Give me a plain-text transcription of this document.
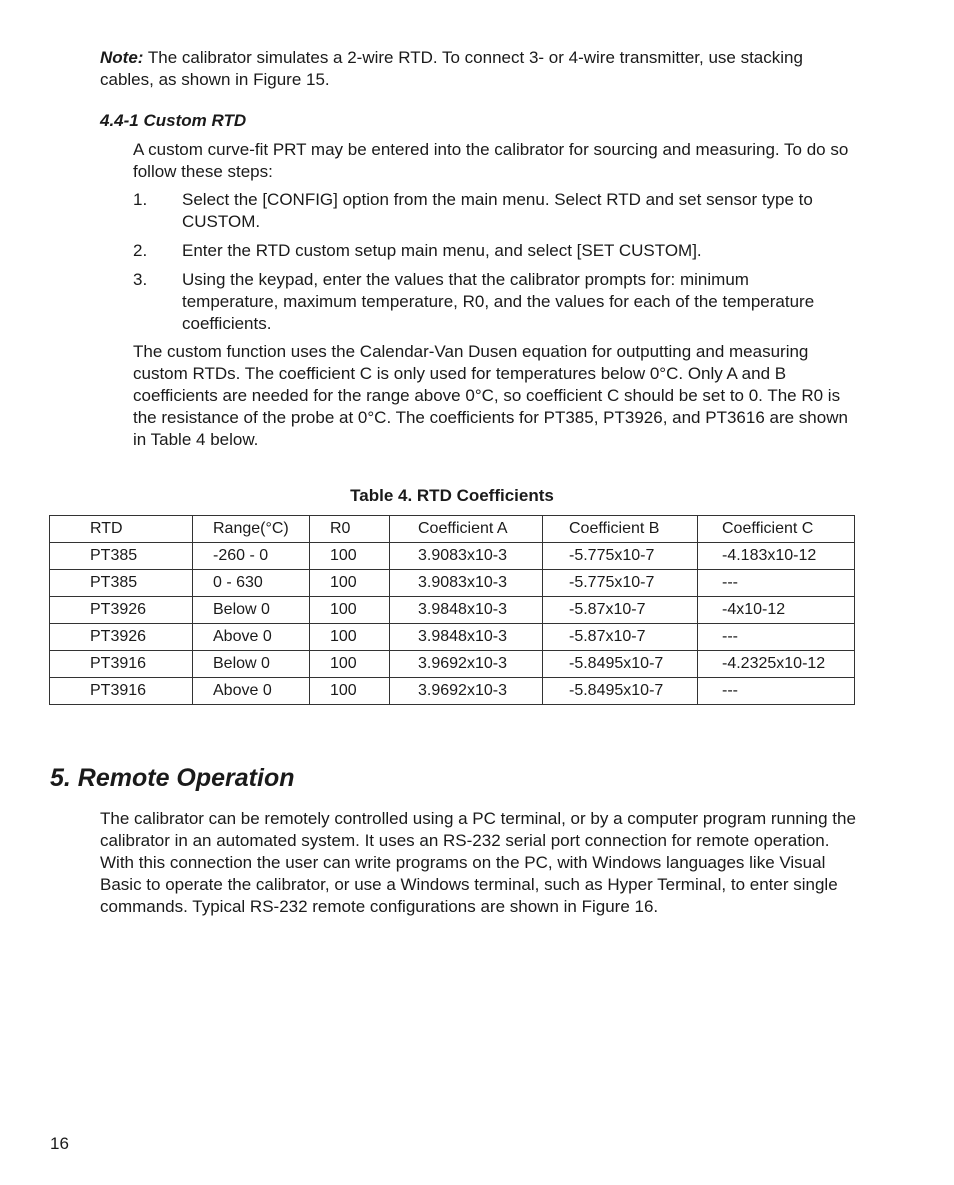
Note: The calibrator simulates a 2-wire RTD. To connect 3- or 4-wire transmitter, use stacking cables, as shown in Figure 15.

4.4-1 Custom RTD

A custom curve-fit PRT may be entered into the calibrator for sourcing and measuring. To do so follow these steps:

1. Select the [CONFIG] option from the main menu. Select RTD and set sensor type to CUSTOM.
2. Enter the RTD custom setup main menu, and select [SET CUSTOM].
3. Using the keypad, enter the values that the calibrator prompts for: minimum temperature, maximum temperature, R0, and the values for each of the temperature coefficients.

The custom function uses the Calendar-Van Dusen equation for outputting and measuring custom RTDs. The coefficient C is only used for temperatures below 0°C. Only A and B coefficients are needed for the range above 0°C, so coefficient C should be set to 0. The R0 is the resistance of the probe at 0°C. The coefficients for PT385, PT3926, and PT3616 are shown in Table 4 below.

Table 4. RTD Coefficients

RTD	Range(°C)	R0	Coefficient A	Coefficient B	Coefficient C
PT385	-260 - 0	100	3.9083x10-3	-5.775x10-7	-4.183x10-12
PT385	0 - 630	100	3.9083x10-3	-5.775x10-7	---
PT3926	Below 0	100	3.9848x10-3	-5.87x10-7	-4x10-12
PT3926	Above 0	100	3.9848x10-3	-5.87x10-7	---
PT3916	Below 0	100	3.9692x10-3	-5.8495x10-7	-4.2325x10-12
PT3916	Above 0	100	3.9692x10-3	-5.8495x10-7	---
5. Remote Operation

The calibrator can be remotely controlled using a PC terminal, or by a computer program running the calibrator in an automated system. It uses an RS-232 serial port connection for remote operation. With this connection the user can write programs on the PC, with Windows languages like Visual Basic to operate the calibrator, or use a Windows terminal, such as Hyper Terminal, to enter single commands. Typical RS-232 remote configurations are shown in Figure 16.

16
